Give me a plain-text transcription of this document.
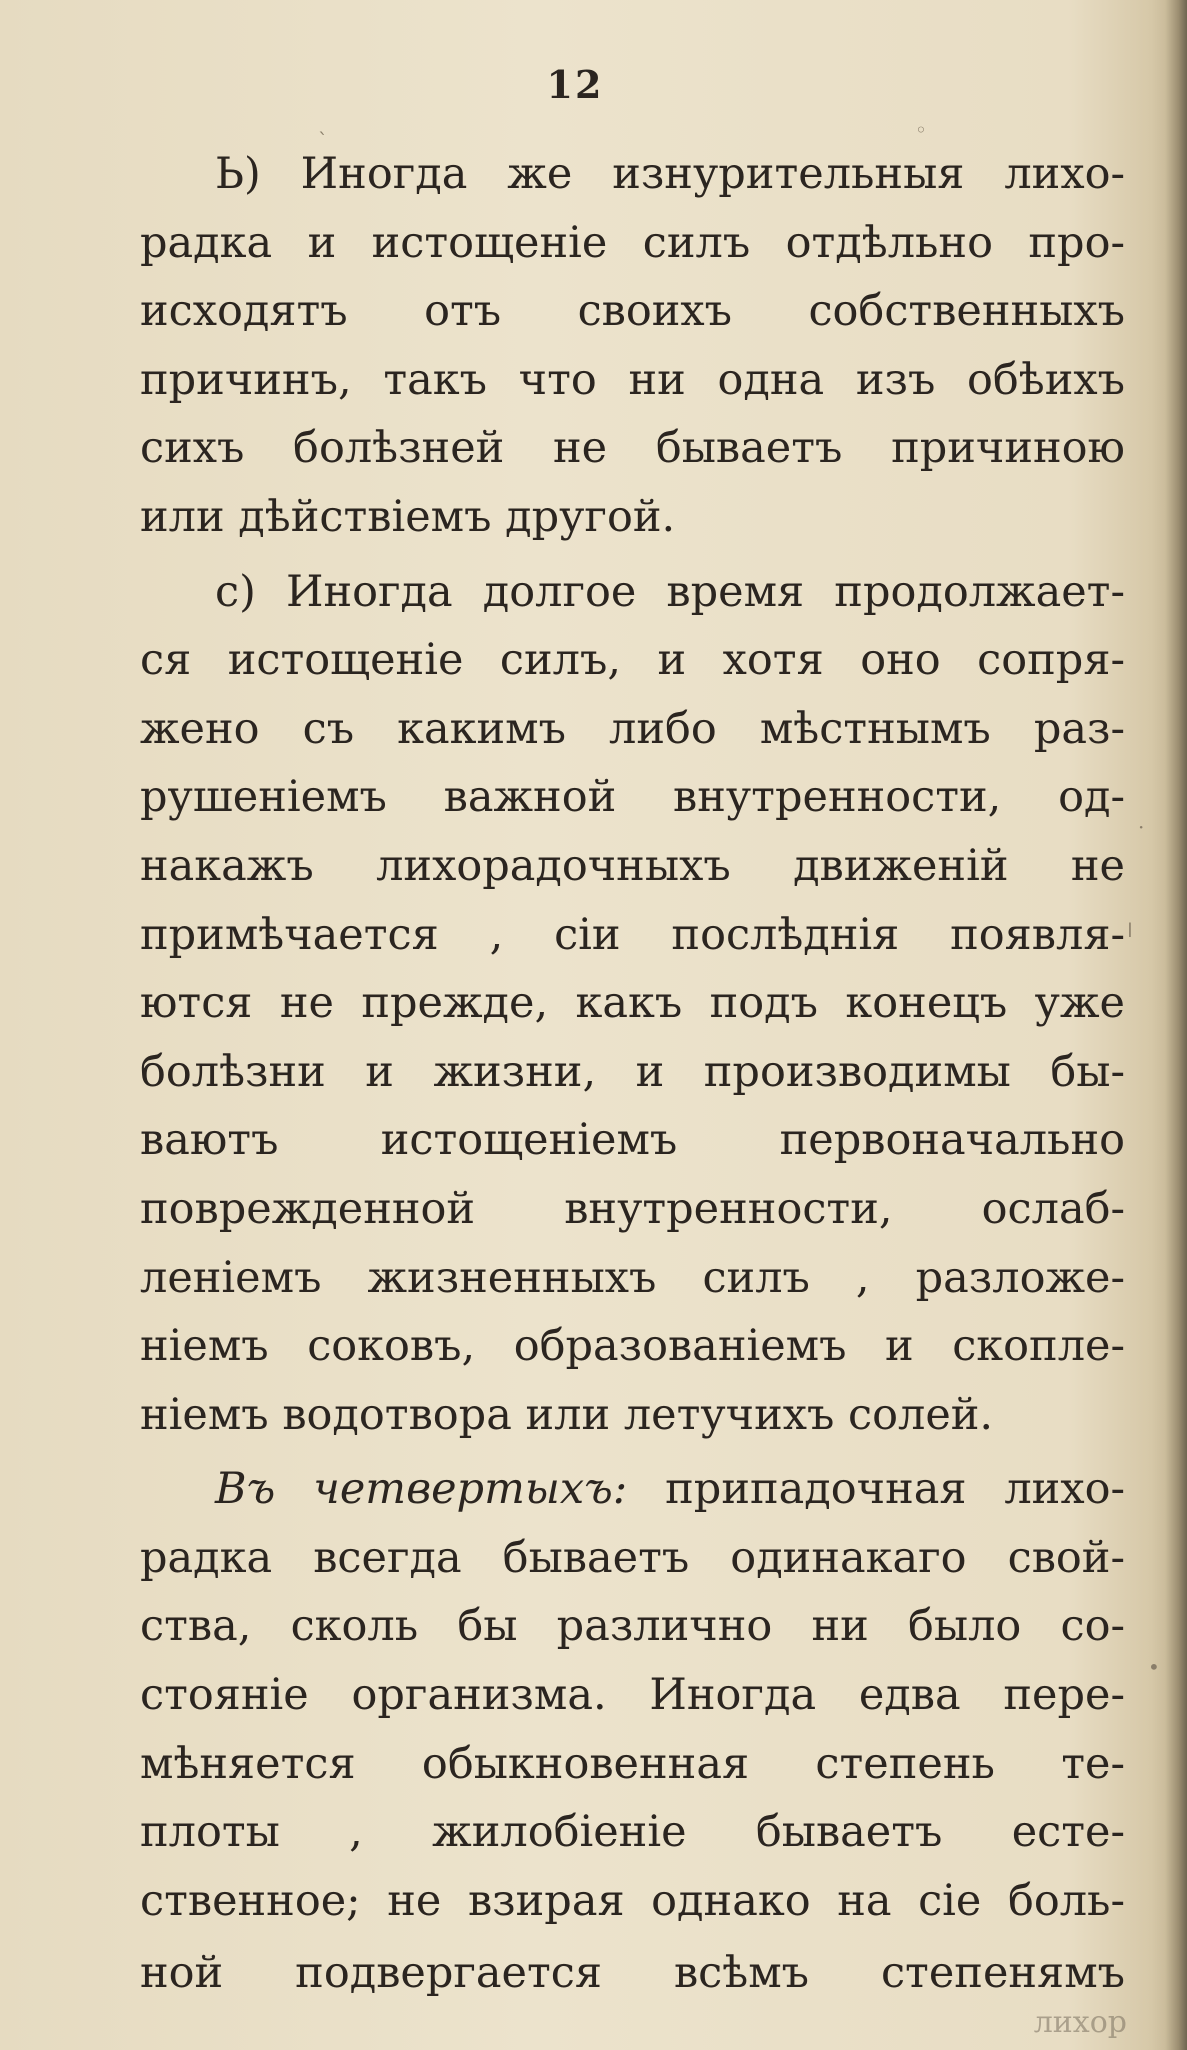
12
Ь) Иногда же изнурительныя лихо-
радка и истощеніе силъ отдѣльно про-
исходятъ отъ своихъ собственныхъ
причинъ, такъ что ни одна изъ обѣихъ
сихъ болѣзней не бываетъ причиною
или дѣйствіемъ другой.
с) Иногда долгое время продолжает-
ся истощеніе силъ, и хотя оно сопря-
жено съ какимъ либо мѣстнымъ раз-
рушеніемъ важной внутренности, од-
накажъ лихорадочныхъ движеній не
примѣчается , сіи послѣднія появля-
ются не прежде, какъ подъ конецъ уже
болѣзни и жизни, и производимы бы-
ваютъ истощеніемъ первоначально
поврежденной внутренности, ослаб-
леніемъ жизненныхъ силъ , разложе-
ніемъ соковъ, образованіемъ и скопле-
ніемъ водотвора или летучихъ солей.
Въ четвертыхъ: припадочная лихо-
радка всегда бываетъ одинакаго свой-
ства, сколь бы различно ни было со-
стояніе организма. Иногда едва пере-
мѣняется обыкновенная степень те-
плоты , жилобіеніе бываетъ есте-
ственное; не взирая однако на сіе боль-
ной подвергается всѣмъ степенямъ
лихор
ˋ	◦
·
•
ǀ
